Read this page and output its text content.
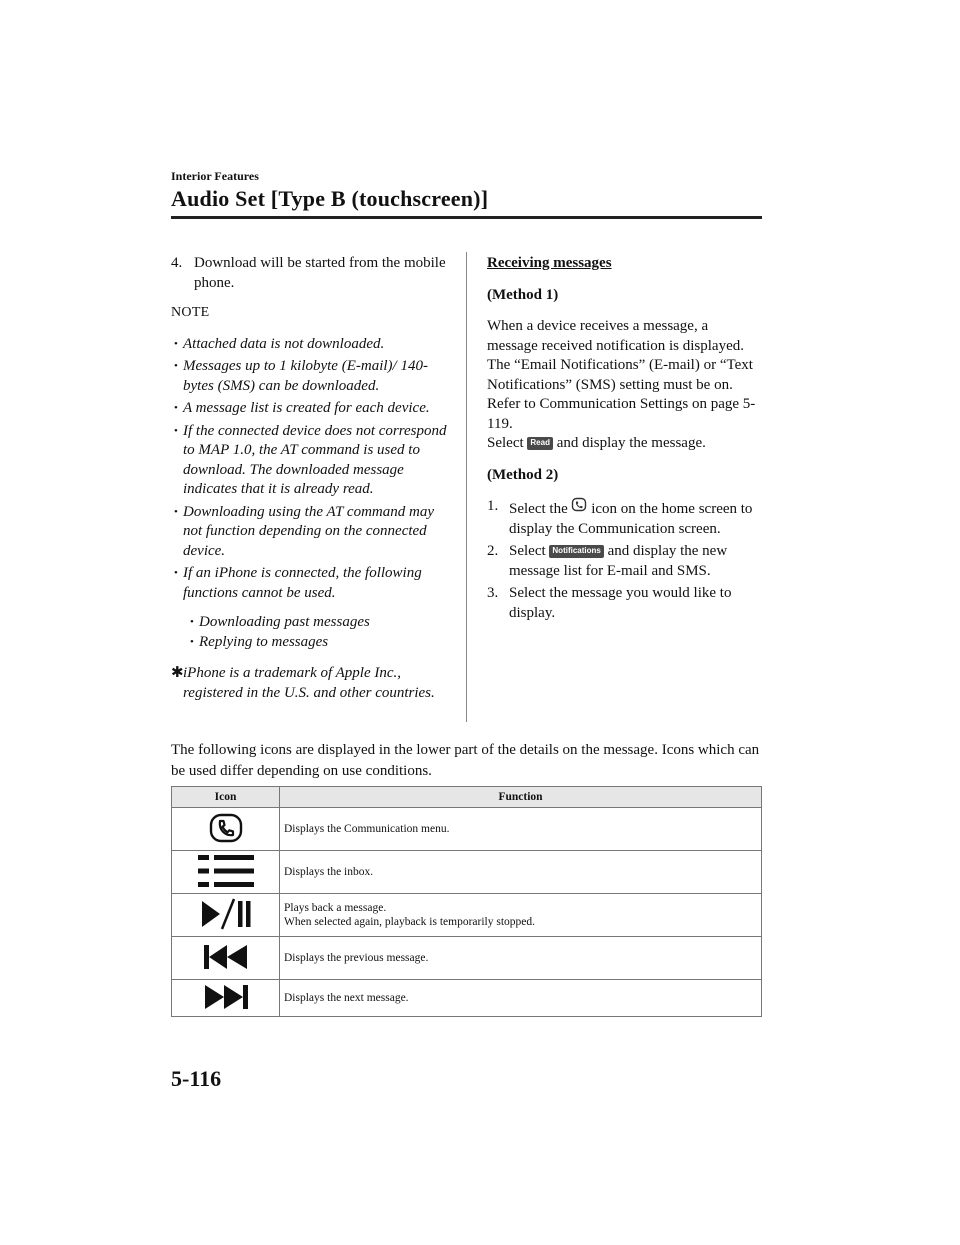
Interior Features
Audio Set [Type B (touchscreen)]
4. Download will be started from the mobile phone.
NOTE
• Attached data is not downloaded.
• Messages up to 1 kilobyte (E-mail)/ 140-bytes (SMS) can be downloaded.
• A message list is created for each device.
• If the connected device does not correspond to MAP 1.0, the AT command is used to download. The downloaded message indicates that it is already read.
• Downloading using the AT command may not function depending on the connected device.
• If an iPhone is connected, the following functions cannot be used.
• Downloading past messages
• Replying to messages
✱ iPhone is a trademark of Apple Inc., registered in the U.S. and other countries.
Receiving messages
(Method 1)
When a device receives a message, a message received notification is displayed. The “Email Notifications” (E-mail) or “Text Notifications” (SMS) setting must be on.
Refer to Communication Settings on page 5-119.
Select Read and display the message.
(Method 2)
1. Select the icon on the home screen to display the Communication screen.
2. Select Notifications and display the new message list for E-mail and SMS.
3. Select the message you would like to display.
The following icons are displayed in the lower part of the details on the message. Icons which can be used differ depending on use conditions.
Icon	Function

Displays the Communication menu.

Displays the inbox.

Plays back a message.
When selected again, playback is temporarily stopped.

Displays the previous message.

Displays the next message.
5-116
